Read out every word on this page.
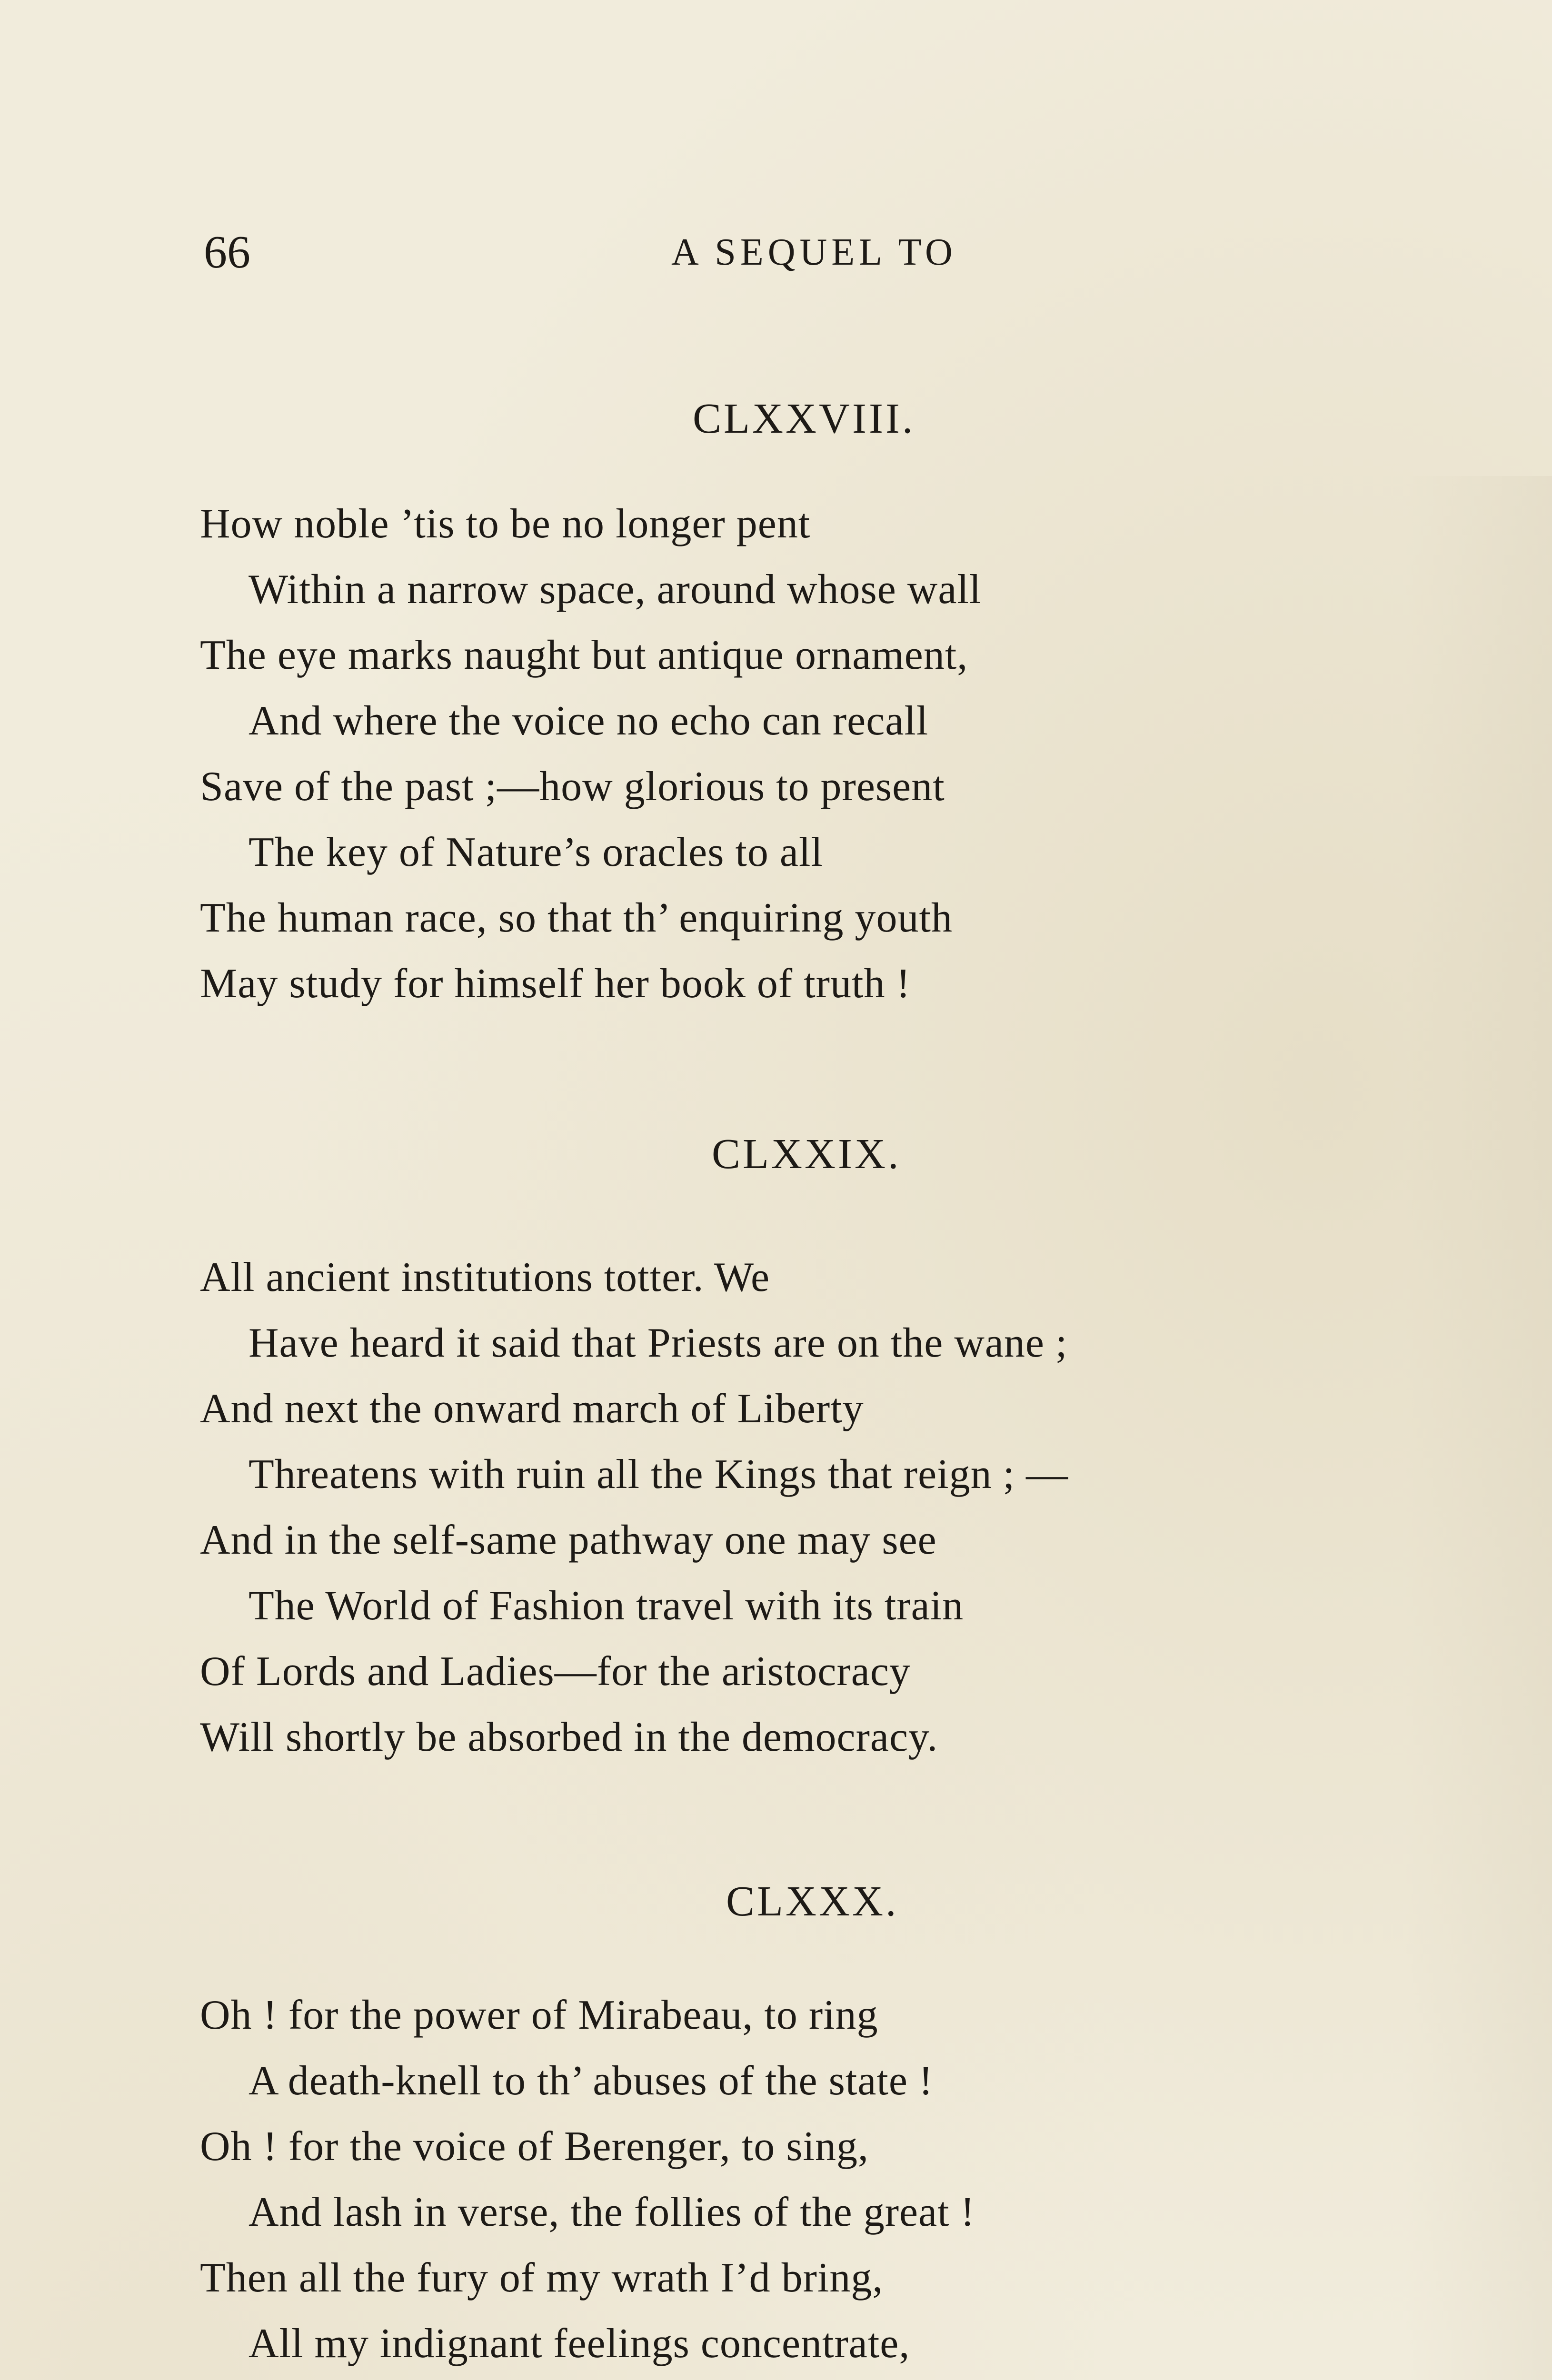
66	A SEQUEL TO
CLXXVIII.
How noble ’tis to be no longer pent
Within a narrow space, around whose wall
The eye marks naught but antique ornament,
And where the voice no echo can recall
Save of the past ;—how glorious to present
The key of Nature’s oracles to all
The human race, so that th’ enquiring youth
May study for himself her book of truth !
CLXXIX.
All ancient institutions totter. We
Have heard it said that Priests are on the wane ;
And next the onward march of Liberty
Threatens with ruin all the Kings that reign ; —
And in the self-same pathway one may see
The World of Fashion travel with its train
Of Lords and Ladies—for the aristocracy
Will shortly be absorbed in the democracy.
CLXXX.
Oh ! for the power of Mirabeau, to ring
A death-knell to th’ abuses of the state !
Oh ! for the voice of Berenger, to sing,
And lash in verse, the follies of the great !
Then all the fury of my wrath I’d bring,
All my indignant feelings concentrate,
